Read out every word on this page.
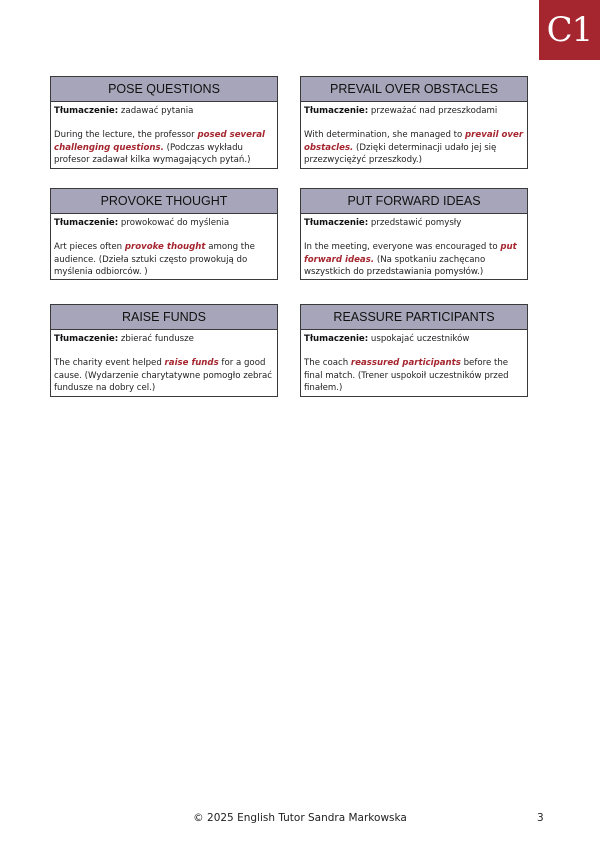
C1
POSE QUESTIONS

Tłumaczenie: zadawać pytania

During the lecture, the professor posed several challenging questions. (Podczas wykładu profesor zadawał kilka wymagających pytań.)

PREVAIL OVER OBSTACLES

Tłumaczenie: przeważać nad przeszkodami

With determination, she managed to prevail over obstacles. (Dzięki determinacji udało jej się przezwyciężyć przeszkody.)

PROVOKE THOUGHT

Tłumaczenie: prowokować do myślenia

Art pieces often provoke thought among the audience. (Dzieła sztuki często prowokują do myślenia odbiorców. )

PUT FORWARD IDEAS

Tłumaczenie: przedstawić pomysły

In the meeting, everyone was encouraged to put forward ideas. (Na spotkaniu zachęcano wszystkich do przedstawiania pomysłów.)

RAISE FUNDS

Tłumaczenie: zbierać fundusze

The charity event helped raise funds for a good cause. (Wydarzenie charytatywne pomogło zebrać fundusze na dobry cel.)

REASSURE PARTICIPANTS

Tłumaczenie: uspokajać uczestników

The coach reassured participants before the final match. (Trener uspokoił uczestników przed finałem.)

© 2025 English Tutor Sandra Markowska	3
